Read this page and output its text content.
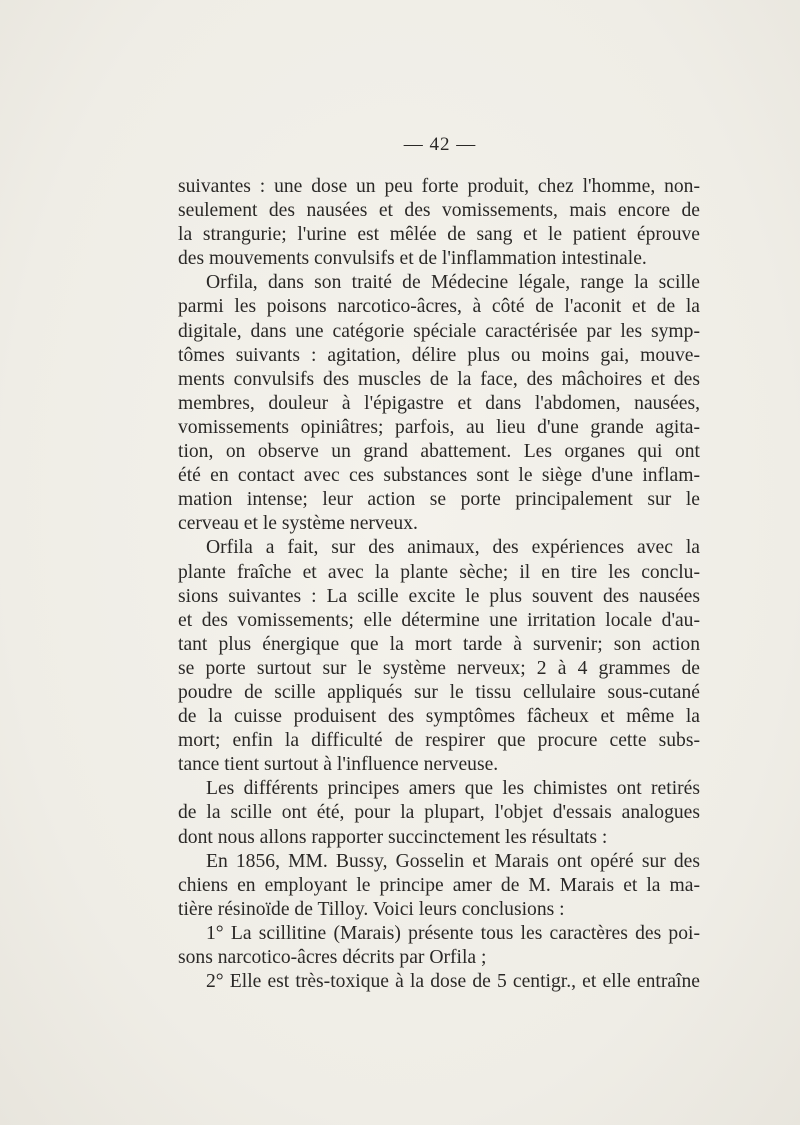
— 42 —
suivantes : une dose un peu forte produit, chez l'homme, non-
seulement des nausées et des vomissements, mais encore de
la strangurie; l'urine est mêlée de sang et le patient éprouve
des mouvements convulsifs et de l'inflammation intestinale.
Orfila, dans son traité de Médecine légale, range la scille
parmi les poisons narcotico-âcres, à côté de l'aconit et de la
digitale, dans une catégorie spéciale caractérisée par les symp-
tômes suivants : agitation, délire plus ou moins gai, mouve-
ments convulsifs des muscles de la face, des mâchoires et des
membres, douleur à l'épigastre et dans l'abdomen, nausées,
vomissements opiniâtres; parfois, au lieu d'une grande agita-
tion, on observe un grand abattement. Les organes qui ont
été en contact avec ces substances sont le siège d'une inflam-
mation intense; leur action se porte principalement sur le
cerveau et le système nerveux.
Orfila a fait, sur des animaux, des expériences avec la
plante fraîche et avec la plante sèche; il en tire les conclu-
sions suivantes : La scille excite le plus souvent des nausées
et des vomissements; elle détermine une irritation locale d'au-
tant plus énergique que la mort tarde à survenir; son action
se porte surtout sur le système nerveux; 2 à 4 grammes de
poudre de scille appliqués sur le tissu cellulaire sous-cutané
de la cuisse produisent des symptômes fâcheux et même la
mort; enfin la difficulté de respirer que procure cette subs-
tance tient surtout à l'influence nerveuse.
Les différents principes amers que les chimistes ont retirés
de la scille ont été, pour la plupart, l'objet d'essais analogues
dont nous allons rapporter succinctement les résultats :
En 1856, MM. Bussy, Gosselin et Marais ont opéré sur des
chiens en employant le principe amer de M. Marais et la ma-
tière résinoïde de Tilloy. Voici leurs conclusions :
1° La scillitine (Marais) présente tous les caractères des poi-
sons narcotico-âcres décrits par Orfila ;
2° Elle est très-toxique à la dose de 5 centigr., et elle entraîne
